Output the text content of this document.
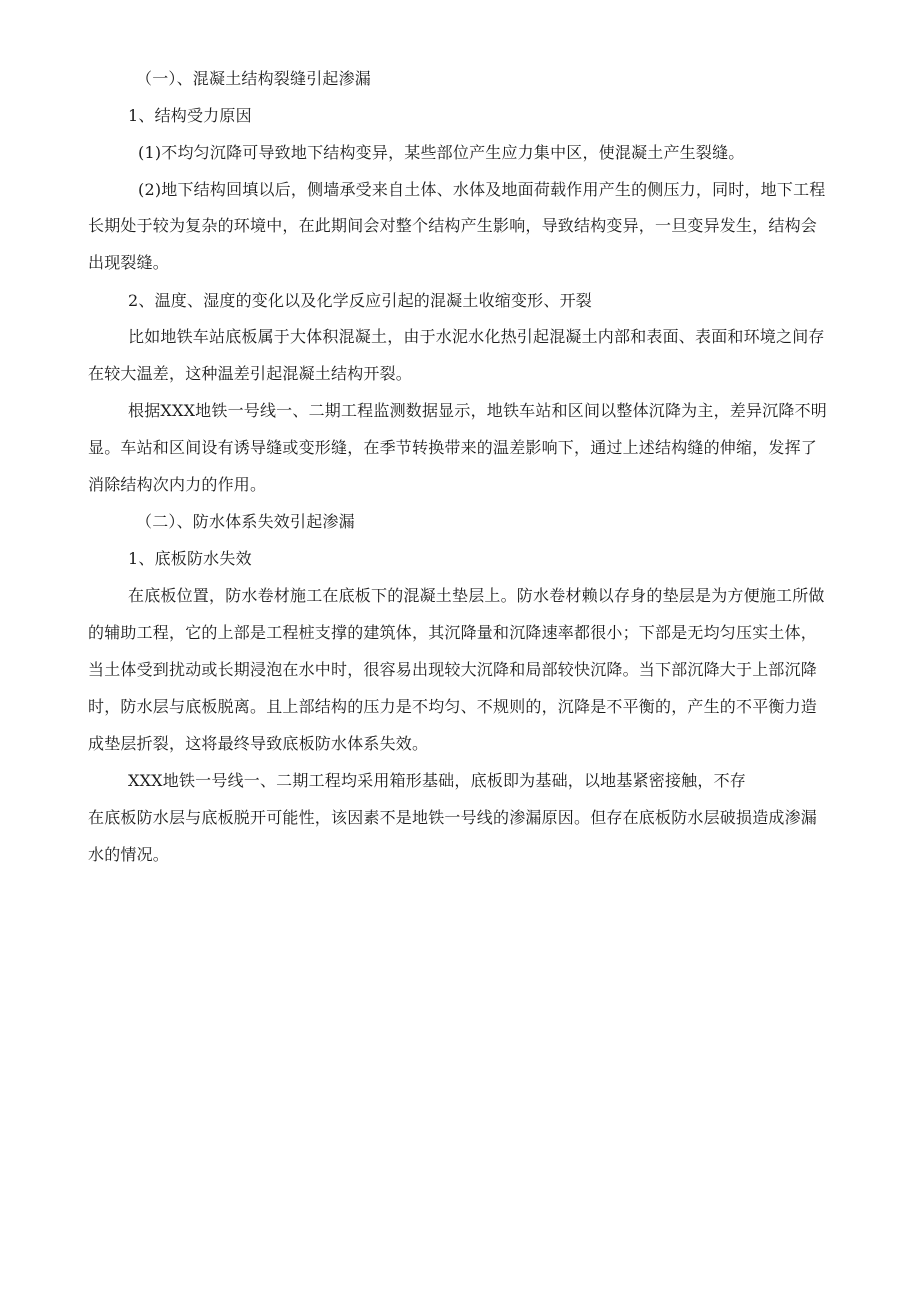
（一）、混凝土结构裂缝引起渗漏
1、结构受力原因
(1)不均匀沉降可导致地下结构变异，某些部位产生应力集中区，使混凝土产生裂缝。
(2)地下结构回填以后，侧墙承受来自土体、水体及地面荷载作用产生的侧压力，同时，地下工程
长期处于较为复杂的环境中，在此期间会对整个结构产生影响，导致结构变异，一旦变异发生，结构会
出现裂缝。
2、温度、湿度的变化以及化学反应引起的混凝土收缩变形、开裂
比如地铁车站底板属于大体积混凝土，由于水泥水化热引起混凝土内部和表面、表面和环境之间存
在较大温差，这种温差引起混凝土结构开裂。
根据XXX地铁一号线一、二期工程监测数据显示，地铁车站和区间以整体沉降为主，差异沉降不明
显。车站和区间设有诱导缝或变形缝，在季节转换带来的温差影响下，通过上述结构缝的伸缩，发挥了
消除结构次内力的作用。
（二）、防水体系失效引起渗漏
1、底板防水失效
在底板位置，防水卷材施工在底板下的混凝土垫层上。防水卷材赖以存身的垫层是为方便施工所做
的辅助工程，它的上部是工程桩支撑的建筑体，其沉降量和沉降速率都很小；下部是无均匀压实土体，
当土体受到扰动或长期浸泡在水中时，很容易出现较大沉降和局部较快沉降。当下部沉降大于上部沉降
时，防水层与底板脱离。且上部结构的压力是不均匀、不规则的，沉降是不平衡的，产生的不平衡力造
成垫层折裂，这将最终导致底板防水体系失效。
XXX地铁一号线一、二期工程均采用箱形基础，底板即为基础，以地基紧密接触，不存
在底板防水层与底板脱开可能性，该因素不是地铁一号线的渗漏原因。但存在底板防水层破损造成渗漏
水的情况。
